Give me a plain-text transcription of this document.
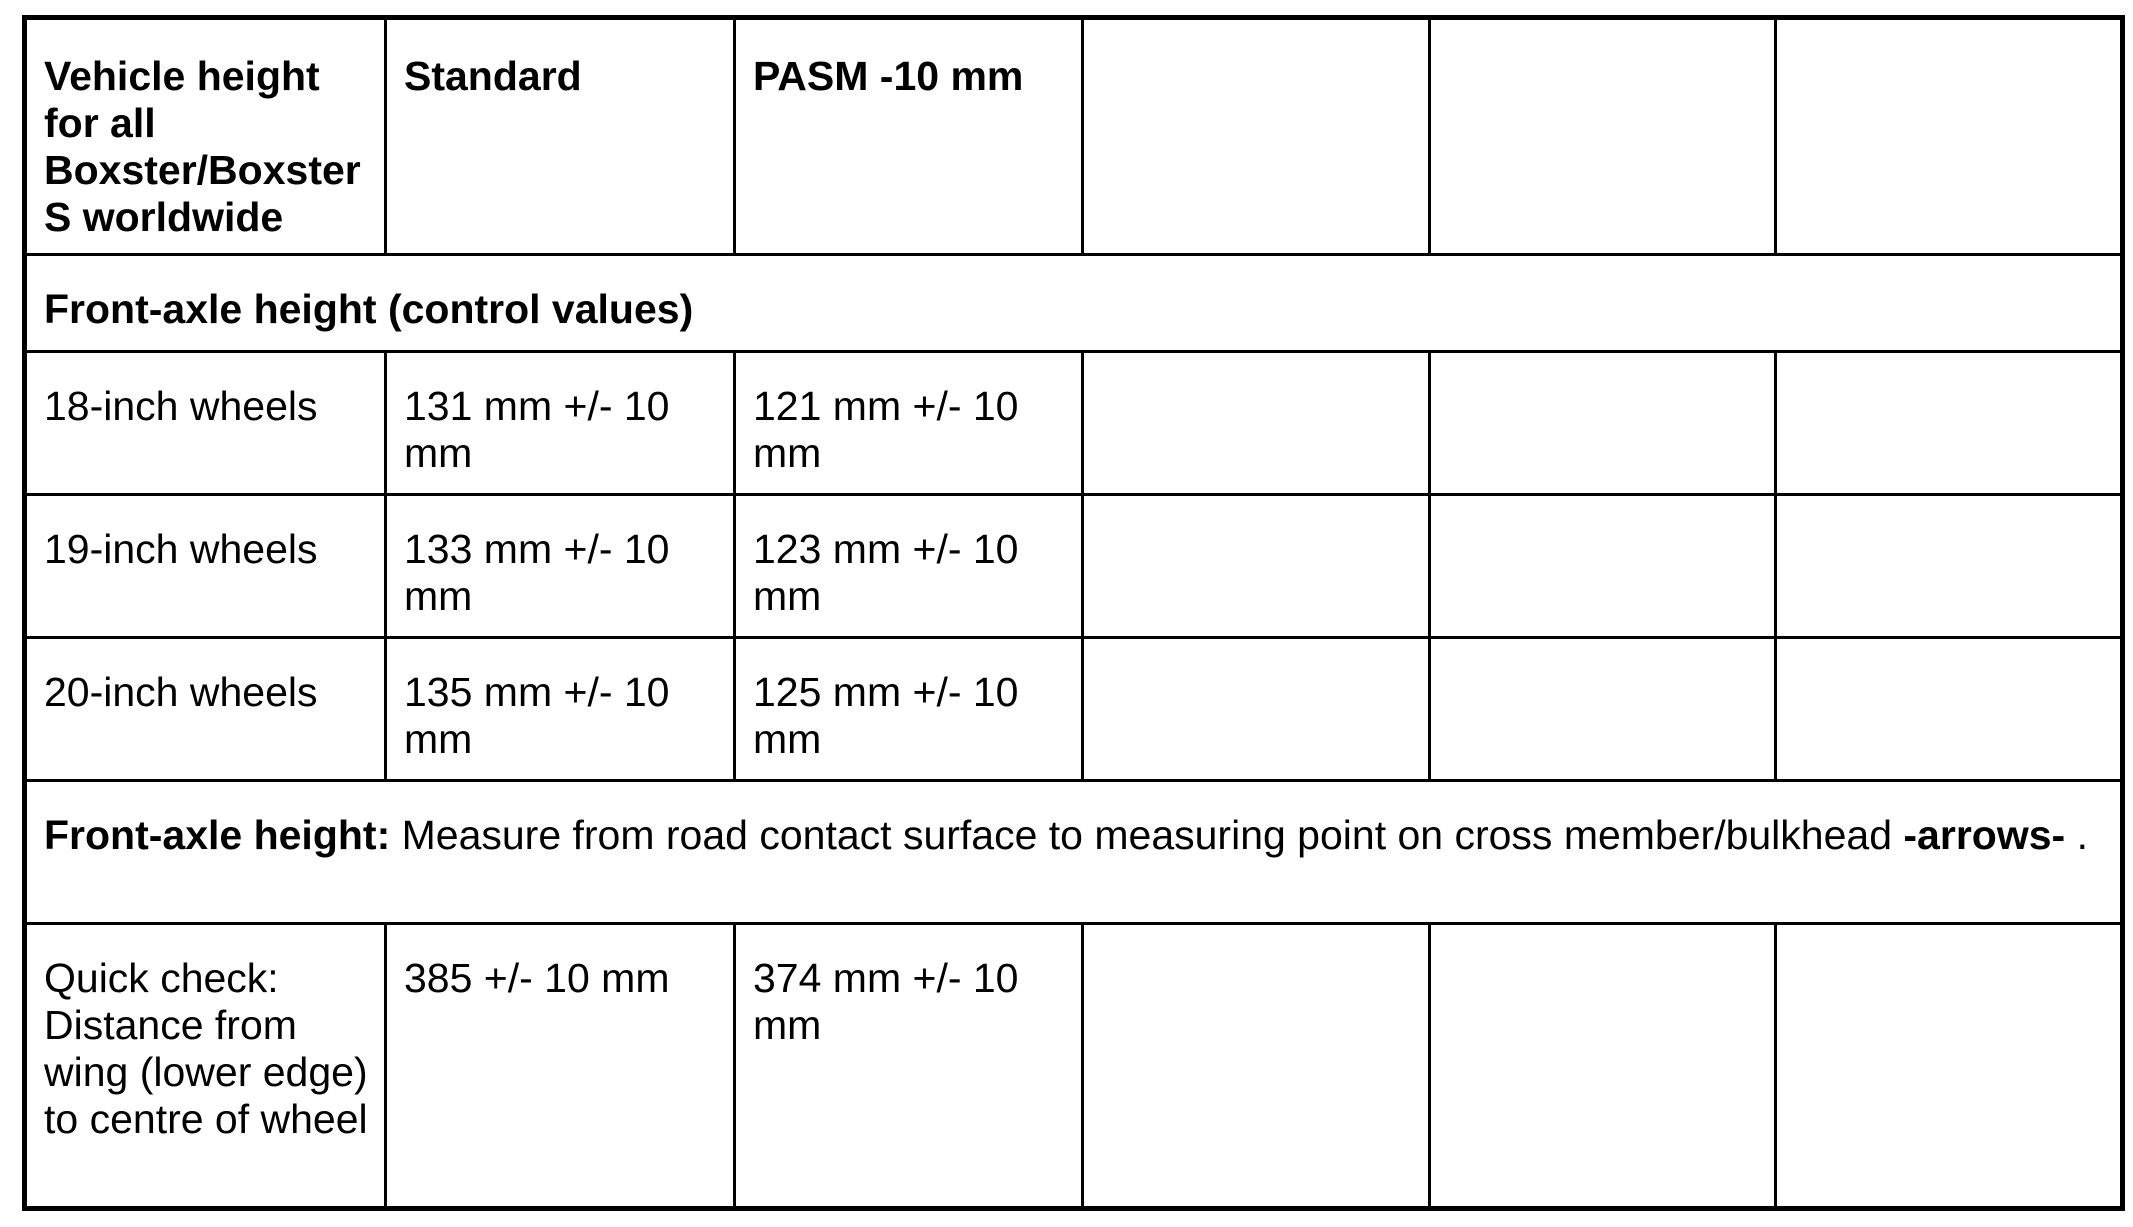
Vehicle height for all Boxster/Boxster S worldwide	Standard	PASM -10 mm			
Front-axle height (control values)					
18-inch wheels	131 mm +/- 10 mm	121 mm +/- 10 mm			
19-inch wheels	133 mm +/- 10 mm	123 mm +/- 10 mm			
20-inch wheels	135 mm +/- 10 mm	125 mm +/- 10 mm			
Front-axle height: Measure from road contact surface to measuring point on cross member/bulkhead -arrows- .					
Quick check: Distance from wing (lower edge) to centre of wheel	385 +/- 10 mm	374 mm +/- 10 mm			
